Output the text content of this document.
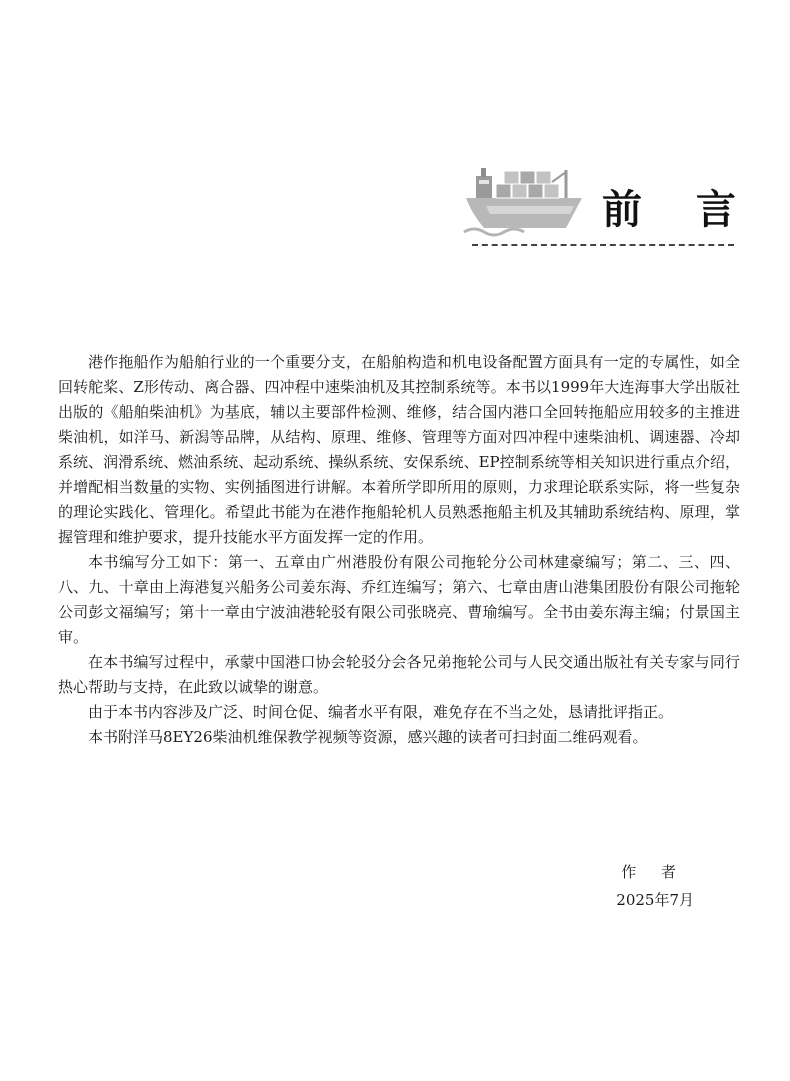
前 言

港作拖船作为船舶行业的一个重要分支，在船舶构造和机电设备配置方面具有一定的专属性，如全回转舵桨、Z形传动、离合器、四冲程中速柴油机及其控制系统等。本书以1999年大连海事大学出版社出版的《船舶柴油机》为基底，辅以主要部件检测、维修，结合国内港口全回转拖船应用较多的主推进柴油机，如洋马、新潟等品牌，从结构、原理、维修、管理等方面对四冲程中速柴油机、调速器、冷却系统、润滑系统、燃油系统、起动系统、操纵系统、安保系统、EP控制系统等相关知识进行重点介绍，并增配相当数量的实物、实例插图进行讲解。本着所学即所用的原则，力求理论联系实际，将一些复杂的理论实践化、管理化。希望此书能为在港作拖船轮机人员熟悉拖船主机及其辅助系统结构、原理，掌握管理和维护要求，提升技能水平方面发挥一定的作用。

本书编写分工如下：第一、五章由广州港股份有限公司拖轮分公司林建豪编写；第二、三、四、八、九、十章由上海港复兴船务公司姜东海、乔红连编写；第六、七章由唐山港集团股份有限公司拖轮公司彭文福编写；第十一章由宁波油港轮驳有限公司张晓亮、曹瑜编写。全书由姜东海主编；付景国主审。

在本书编写过程中，承蒙中国港口协会轮驳分会各兄弟拖轮公司与人民交通出版社有关专家与同行热心帮助与支持，在此致以诚挚的谢意。

由于本书内容涉及广泛、时间仓促、编者水平有限，难免存在不当之处，恳请批评指正。

本书附洋马8EY26柴油机维保教学视频等资源，感兴趣的读者可扫封面二维码观看。

作 者
2025年7月
